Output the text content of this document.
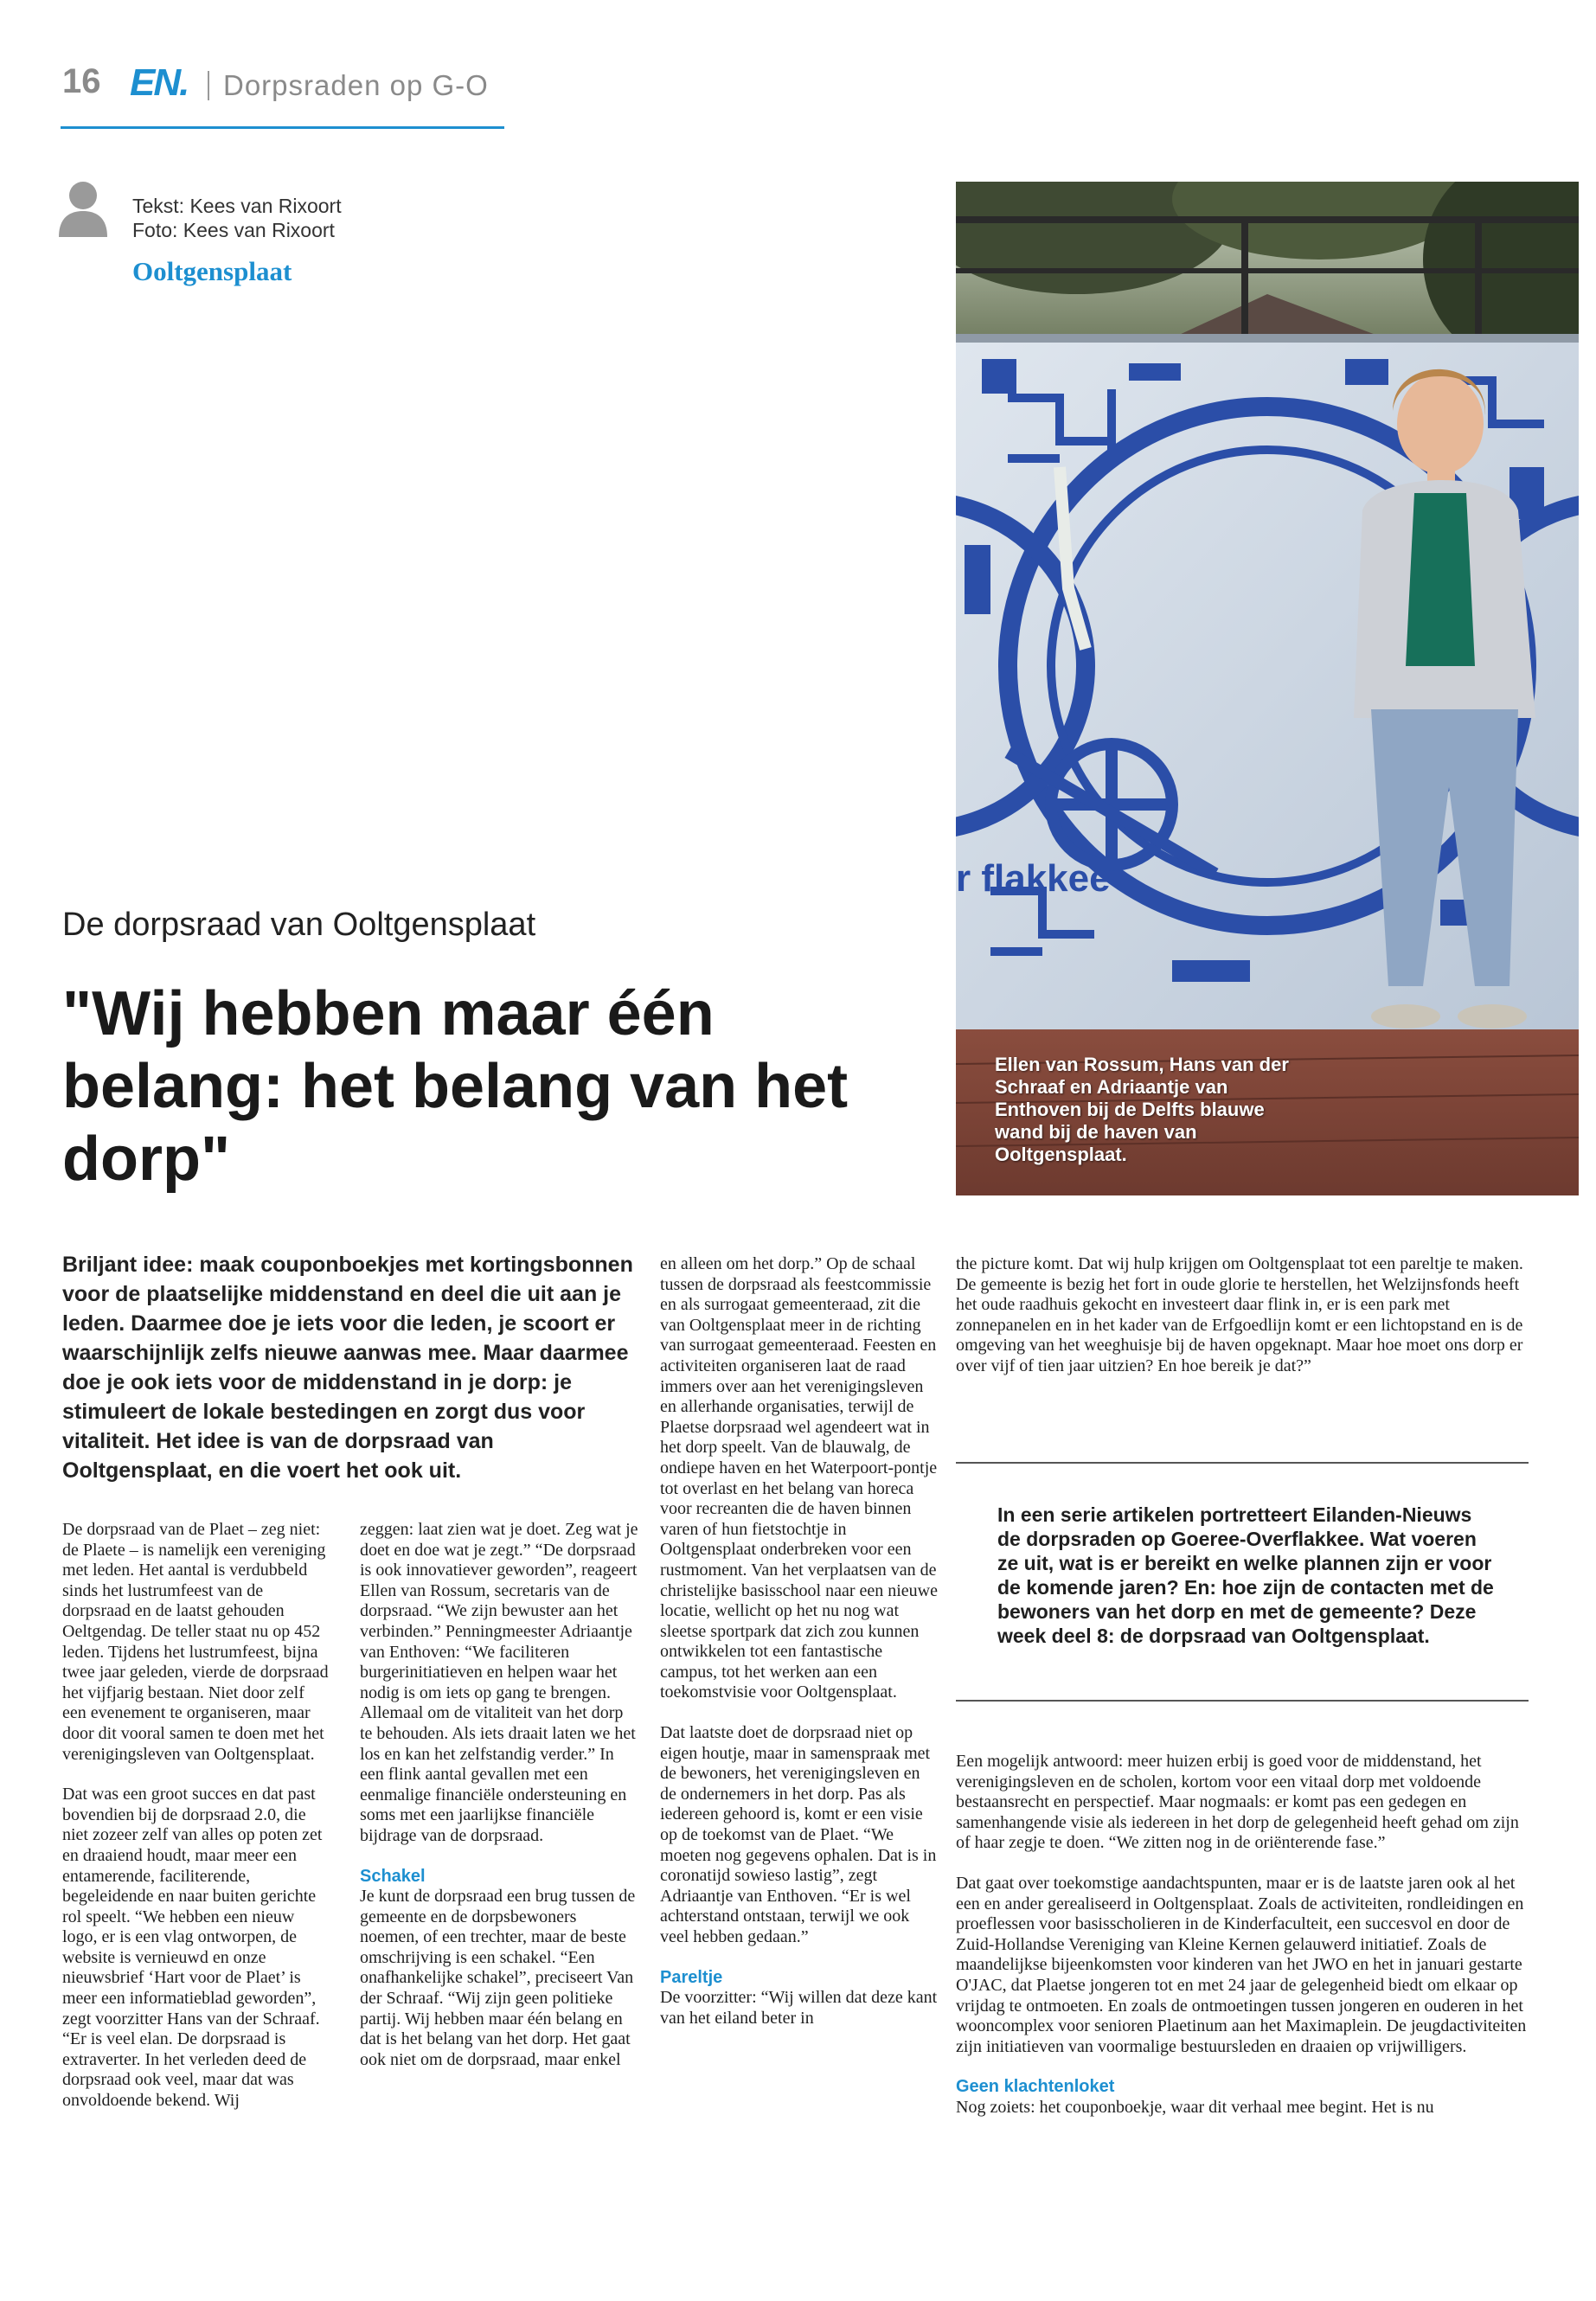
16 EN. Dorpsraden op G-O
Tekst: Kees van Rixoort
Foto: Kees van Rixoort
Ooltgensplaat
r flakkee
Ellen van Rossum, Hans van der Schraaf en Adriaantje van Enthoven bij de Delfts blauwe wand bij de haven van Ooltgensplaat.
De dorpsraad van Ooltgensplaat
"Wij hebben maar één belang: het belang van het dorp"

Briljant idee: maak couponboekjes met kortingsbonnen voor de plaatselijke middenstand en deel die uit aan je leden. Daarmee doe je iets voor die leden, je scoort er waarschijnlijk zelfs nieuwe aanwas mee. Maar daarmee doe je ook iets voor de middenstand in je dorp: je stimuleert de lokale bestedingen en zorgt dus voor vitaliteit. Het idee is van de dorpsraad van Ooltgensplaat, en die voert het ook uit.

De dorpsraad van de Plaet – zeg niet: de Plaete – is namelijk een vereniging met leden. Het aantal is verdubbeld sinds het lustrumfeest van de dorpsraad en de laatst gehouden Oeltgendag. De teller staat nu op 452 leden. Tijdens het lustrumfeest, bijna twee jaar geleden, vierde de dorpsraad het vijfjarig bestaan. Niet door zelf een evenement te organiseren, maar door dit vooral samen te doen met het verenigingsleven van Ooltgensplaat.

Dat was een groot succes en dat past bovendien bij de dorpsraad 2.0, die niet zozeer zelf van alles op poten zet en draaiend houdt, maar meer een entamerende, faciliterende, begeleidende en naar buiten gerichte rol speelt. “We hebben een nieuw logo, er is een vlag ontworpen, de website is vernieuwd en onze nieuwsbrief ‘Hart voor de Plaet’ is meer een informatieblad geworden”, zegt voorzitter Hans van der Schraaf. “Er is veel elan. De dorpsraad is extraverter. In het verleden deed de dorpsraad ook veel, maar dat was onvoldoende bekend. Wij

zeggen: laat zien wat je doet. Zeg wat je doet en doe wat je zegt.” “De dorpsraad is ook innovatiever geworden”, reageert Ellen van Rossum, secretaris van de dorpsraad. “We zijn bewuster aan het verbinden.” Penningmeester Adriaantje van Enthoven: “We faciliteren burgerinitiatieven en helpen waar het nodig is om iets op gang te brengen. Allemaal om de vitaliteit van het dorp te behouden. Als iets draait laten we het los en kan het zelfstandig verder.” In een flink aantal gevallen met een eenmalige financiële ondersteuning en soms met een jaarlijkse financiële bijdrage van de dorpsraad.

Schakel

Je kunt de dorpsraad een brug tussen de gemeente en de dorpsbewoners noemen, of een trechter, maar de beste omschrijving is een schakel. “Een onafhankelijke schakel”, preciseert Van der Schraaf. “Wij zijn geen politieke partij. Wij hebben maar één belang en dat is het belang van het dorp. Het gaat ook niet om de dorpsraad, maar enkel

en alleen om het dorp.” Op de schaal tussen de dorpsraad als feestcommissie en als surrogaat gemeenteraad, zit die van Ooltgensplaat meer in de richting van surrogaat gemeenteraad. Feesten en activiteiten organiseren laat de raad immers over aan het verenigingsleven en allerhande organisaties, terwijl de Plaetse dorpsraad wel agendeert wat in het dorp speelt. Van de blauwalg, de ondiepe haven en het Waterpoort-pontje tot overlast en het belang van horeca voor recreanten die de haven binnen varen of hun fietstochtje in Ooltgensplaat onderbreken voor een rustmoment. Van het verplaatsen van de christelijke basisschool naar een nieuwe locatie, wellicht op het nu nog wat sleetse sportpark dat zich zou kunnen ontwikkelen tot een fantastische campus, tot het werken aan een toekomstvisie voor Ooltgensplaat.

Dat laatste doet de dorpsraad niet op eigen houtje, maar in samenspraak met de bewoners, het verenigingsleven en de ondernemers in het dorp. Pas als iedereen gehoord is, komt er een visie op de toekomst van de Plaet. “We moeten nog gegevens ophalen. Dat is in coronatijd sowieso lastig”, zegt Adriaantje van Enthoven. “Er is wel achterstand ontstaan, terwijl we ook veel hebben gedaan.”

Pareltje

De voorzitter: “Wij willen dat deze kant van het eiland beter in

the picture komt. Dat wij hulp krijgen om Ooltgensplaat tot een pareltje te maken. De gemeente is bezig het fort in oude glorie te herstellen, het Welzijnsfonds heeft het oude raadhuis gekocht en investeert daar flink in, er is een park met zonnepanelen en in het kader van de Erfgoedlijn komt er een lichtopstand en is de omgeving van het weeghuisje bij de haven opgeknapt. Maar hoe moet ons dorp er over vijf of tien jaar uitzien? En hoe bereik je dat?”

In een serie artikelen portretteert Eilanden-Nieuws de dorpsraden op Goeree-Overflakkee. Wat voeren ze uit, wat is er bereikt en welke plannen zijn er voor de komende jaren? En: hoe zijn de contacten met de bewoners van het dorp en met de gemeente? Deze week deel 8: de dorpsraad van Ooltgensplaat.

Een mogelijk antwoord: meer huizen erbij is goed voor de middenstand, het verenigingsleven en de scholen, kortom voor een vitaal dorp met voldoende bestaansrecht en perspectief. Maar nogmaals: er komt pas een gedegen en samenhangende visie als iedereen in het dorp de gelegenheid heeft gehad om zijn of haar zegje te doen. “We zitten nog in de oriënterende fase.”

Dat gaat over toekomstige aandachtspunten, maar er is de laatste jaren ook al het een en ander gerealiseerd in Ooltgensplaat. Zoals de activiteiten, rondleidingen en proeflessen voor basisscholieren in de Kinderfaculteit, een succesvol en door de Zuid-Hollandse Vereniging van Kleine Kernen gelauwerd initiatief. Zoals de maandelijkse bijeenkomsten voor kinderen van het JWO en het in januari gestarte O'JAC, dat Plaetse jongeren tot en met 24 jaar de gelegenheid biedt om elkaar op vrijdag te ontmoeten. En zoals de ontmoetingen tussen jongeren en ouderen in het wooncomplex voor senioren Plaetinum aan het Maximaplein. De jeugdactiviteiten zijn initiatieven van voormalige bestuursleden en draaien op vrijwilligers.

Geen klachtenloket

Nog zoiets: het couponboekje, waar dit verhaal mee begint. Het is nu
